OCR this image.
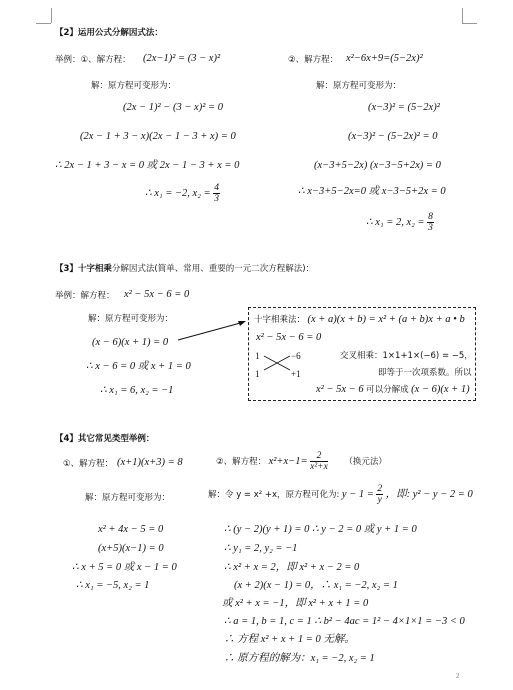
【2】运用公式分解因式法：
举例：①、解方程： (2x−1)² = (3 − x)²
解：原方程可变形为：
(2x − 1)² − (3 − x)² = 0
(2x − 1 + 3 − x)(2x − 1 − 3 + x) = 0
∴ 2x − 1 + 3 − x = 0 或 2x − 1 − 3 + x = 0
∴ x₁ = −2, $x_2 = \frac{4}{3}$
②、解方程： x²−6x+9=(5−2x)²
解：原方程可变形为：
(x−3)² = (5−2x)²
(x−3)² − (5−2x)² = 0
(x−3+5−2x) (x−3−5+2x) = 0
∴ x−3+5−2x=0 或 x−3−5+2x = 0
∴ x₁ = 2, $x_2 = \frac{8}{3}$
【3】十字相乘分解因式法(简单、常用、重要的一元二次方程解法)：
举例：解方程： x² − 5x − 6 = 0
解：原方程可变形为：
(x − 6)(x + 1) = 0
∴ x − 6 = 0 或 x + 1 = 0
∴ x₁ = 6, x₂ = −1
十字相乘法： (x + a)(x + b) = x² + (a + b)x + a • b
x² − 5x − 6 = 0
1	−6
1	+1
交叉相乘：1×1+1×(−6) = −5，
即等于一次项系数。所以
x² − 5x − 6 可以分解成 (x − 6)(x + 1)
【4】其它常见类型举例：
①、解方程： (x+1)(x+3) = 8	②、解方程： $x^2+x-1= \frac{2}{\text{x²+x}}$ （换元法）
解：原方程可变形为：
x² + 4x − 5 = 0
(x+5)(x−1) = 0
∴ x + 5 = 0 或 x − 1 = 0
∴ x₁ = −5, x₂ = 1
解：令 y = x² +x，原方程可化为: $y - 1 = \frac{2}{y}$ ，即: y² − y − 2 = 0
∴ (y − 2)(y + 1) = 0 ∴ y − 2 = 0 或 y + 1 = 0
∴ y₁ = 2, y₂ = −1
∴ x² + x = 2，即 x² + x − 2 = 0
(x + 2)(x − 1) = 0，∴ x₁ = −2, x₂ = 1
或 x² + x = −1，即 x² + x + 1 = 0
∴ a = 1, b = 1, c = 1 ∴ b² − 4ac = 1² − 4×1×1 = −3 < 0
∴ 方程 x² + x + 1 = 0 无解。
∴ 原方程的解为：x₁ = −2, x₂ = 1
2
